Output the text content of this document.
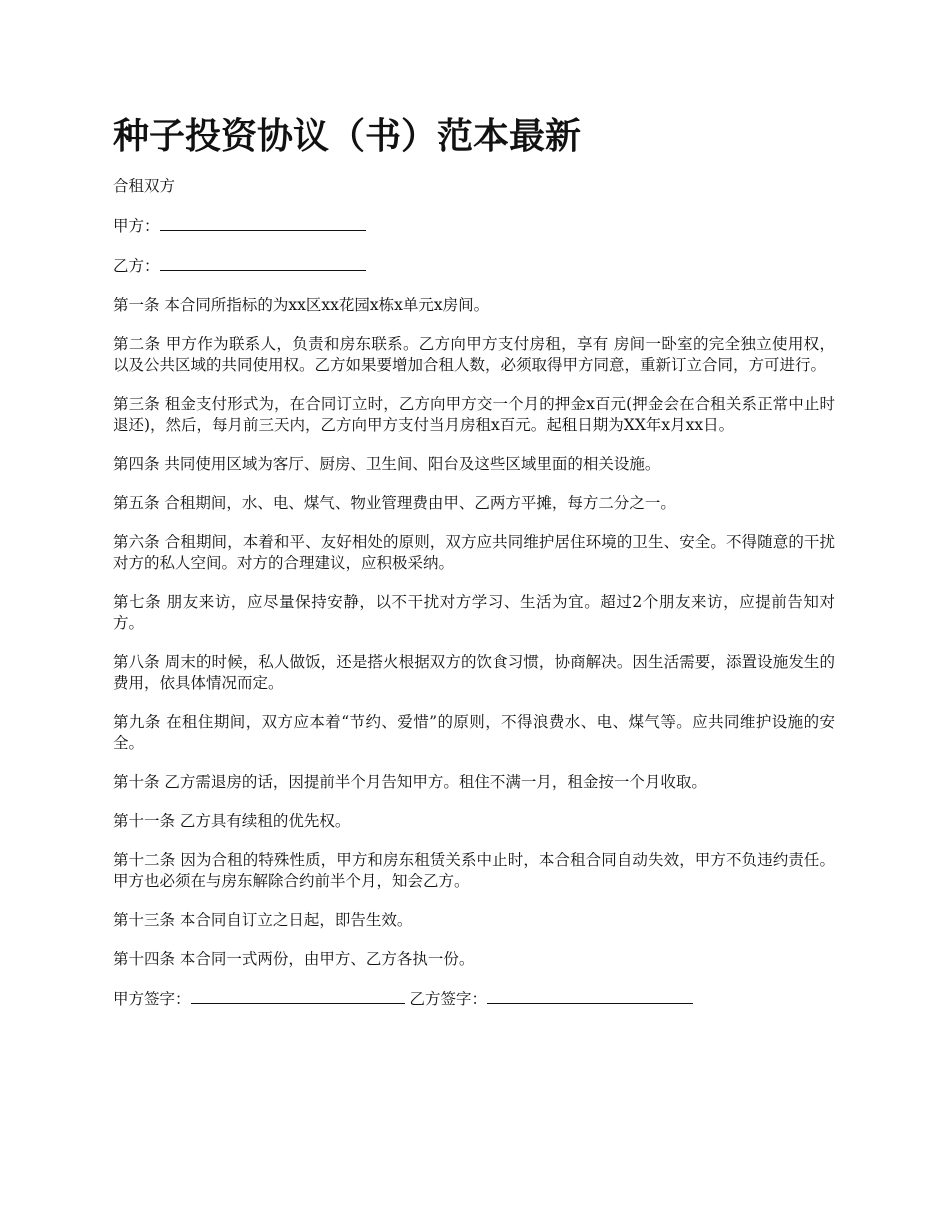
种子投资协议（书）范本最新

合租双方

甲方：

乙方：

第一条 本合同所指标的为xx区xx花园x栋x单元x房间。

第二条 甲方作为联系人，负责和房东联系。乙方向甲方支付房租，享有 房间一卧室的完全独立使用权，以及公共区域的共同使用权。乙方如果要增加合租人数，必须取得甲方同意，重新订立合同，方可进行。

第三条 租金支付形式为，在合同订立时，乙方向甲方交一个月的押金x百元(押金会在合租关系正常中止时退还)，然后，每月前三天内，乙方向甲方支付当月房租x百元。起租日期为XX年x月xx日。

第四条 共同使用区域为客厅、厨房、卫生间、阳台及这些区域里面的相关设施。

第五条 合租期间，水、电、煤气、物业管理费由甲、乙两方平摊，每方二分之一。

第六条 合租期间，本着和平、友好相处的原则，双方应共同维护居住环境的卫生、安全。不得随意的干扰对方的私人空间。对方的合理建议，应积极采纳。

第七条 朋友来访，应尽量保持安静，以不干扰对方学习、生活为宜。超过2个朋友来访，应提前告知对方。

第八条 周末的时候，私人做饭，还是搭火根据双方的饮食习惯，协商解决。因生活需要，添置设施发生的费用，依具体情况而定。

第九条 在租住期间，双方应本着“节约、爱惜”的原则，不得浪费水、电、煤气等。应共同维护设施的安全。

第十条 乙方需退房的话，因提前半个月告知甲方。租住不满一月，租金按一个月收取。

第十一条 乙方具有续租的优先权。

第十二条 因为合租的特殊性质，甲方和房东租赁关系中止时，本合租合同自动失效，甲方不负违约责任。甲方也必须在与房东解除合约前半个月，知会乙方。

第十三条 本合同自订立之日起，即告生效。

第十四条 本合同一式两份，由甲方、乙方各执一份。

甲方签字：	乙方签字：
